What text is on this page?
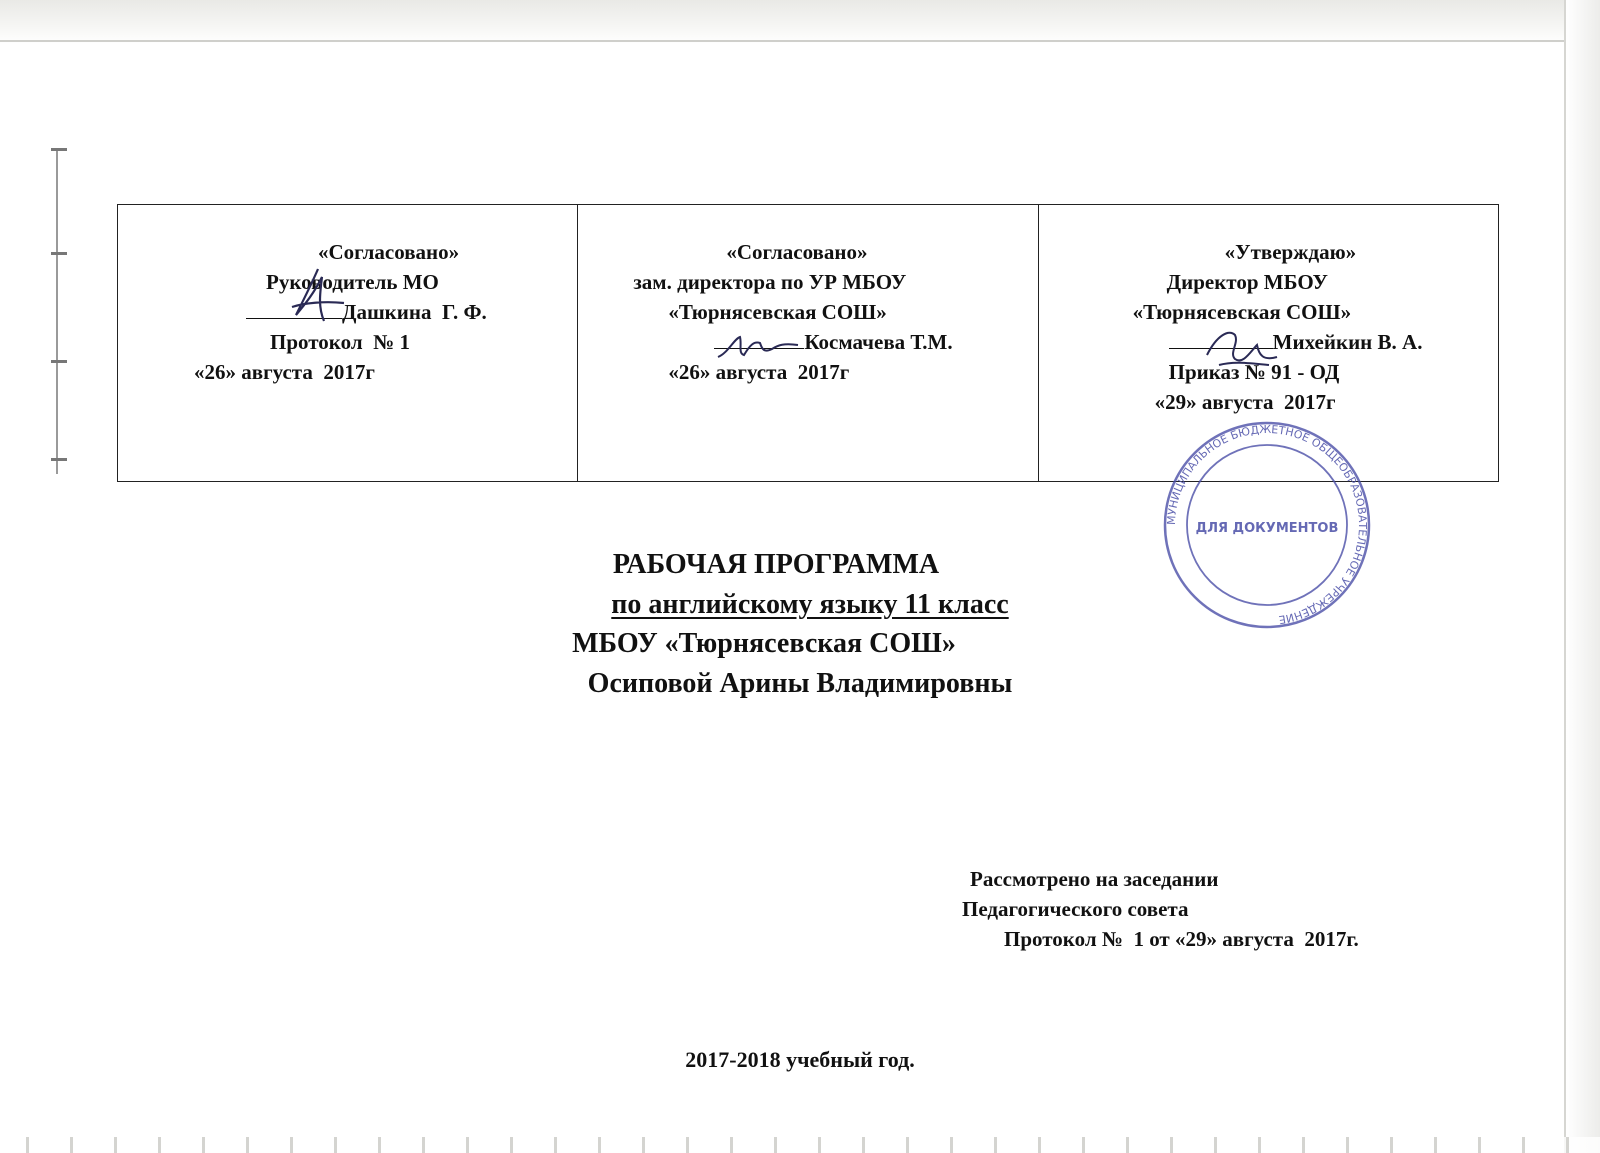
«Согласовано»
Руководитель МО
Дашкина  Г. Ф.
Протокол  № 1
«26» августа  2017г
«Согласовано»
зам. директора по УР МБОУ
«Тюрнясевская СОШ»
Космачева Т.М.
«26» августа  2017г
«Утверждаю»
Директор МБОУ
«Тюрнясевская СОШ»
Михейкин В. А.
Приказ № 91 - ОД
«29» августа  2017г
МУНИЦИПАЛЬНОЕ БЮДЖЕТНОЕ ОБЩЕОБРАЗОВАТЕЛЬНОЕ УЧРЕЖДЕНИЕ
ДЛЯ ДОКУМЕНТОВ
РАБОЧАЯ ПРОГРАММА
по английскому языку 11 класс
МБОУ «Тюрнясевская СОШ»
Осиповой Арины Владимировны
Рассмотрено на заседании
Педагогического совета
Протокол №  1 от «29» августа  2017г.
2017-2018 учебный год.
